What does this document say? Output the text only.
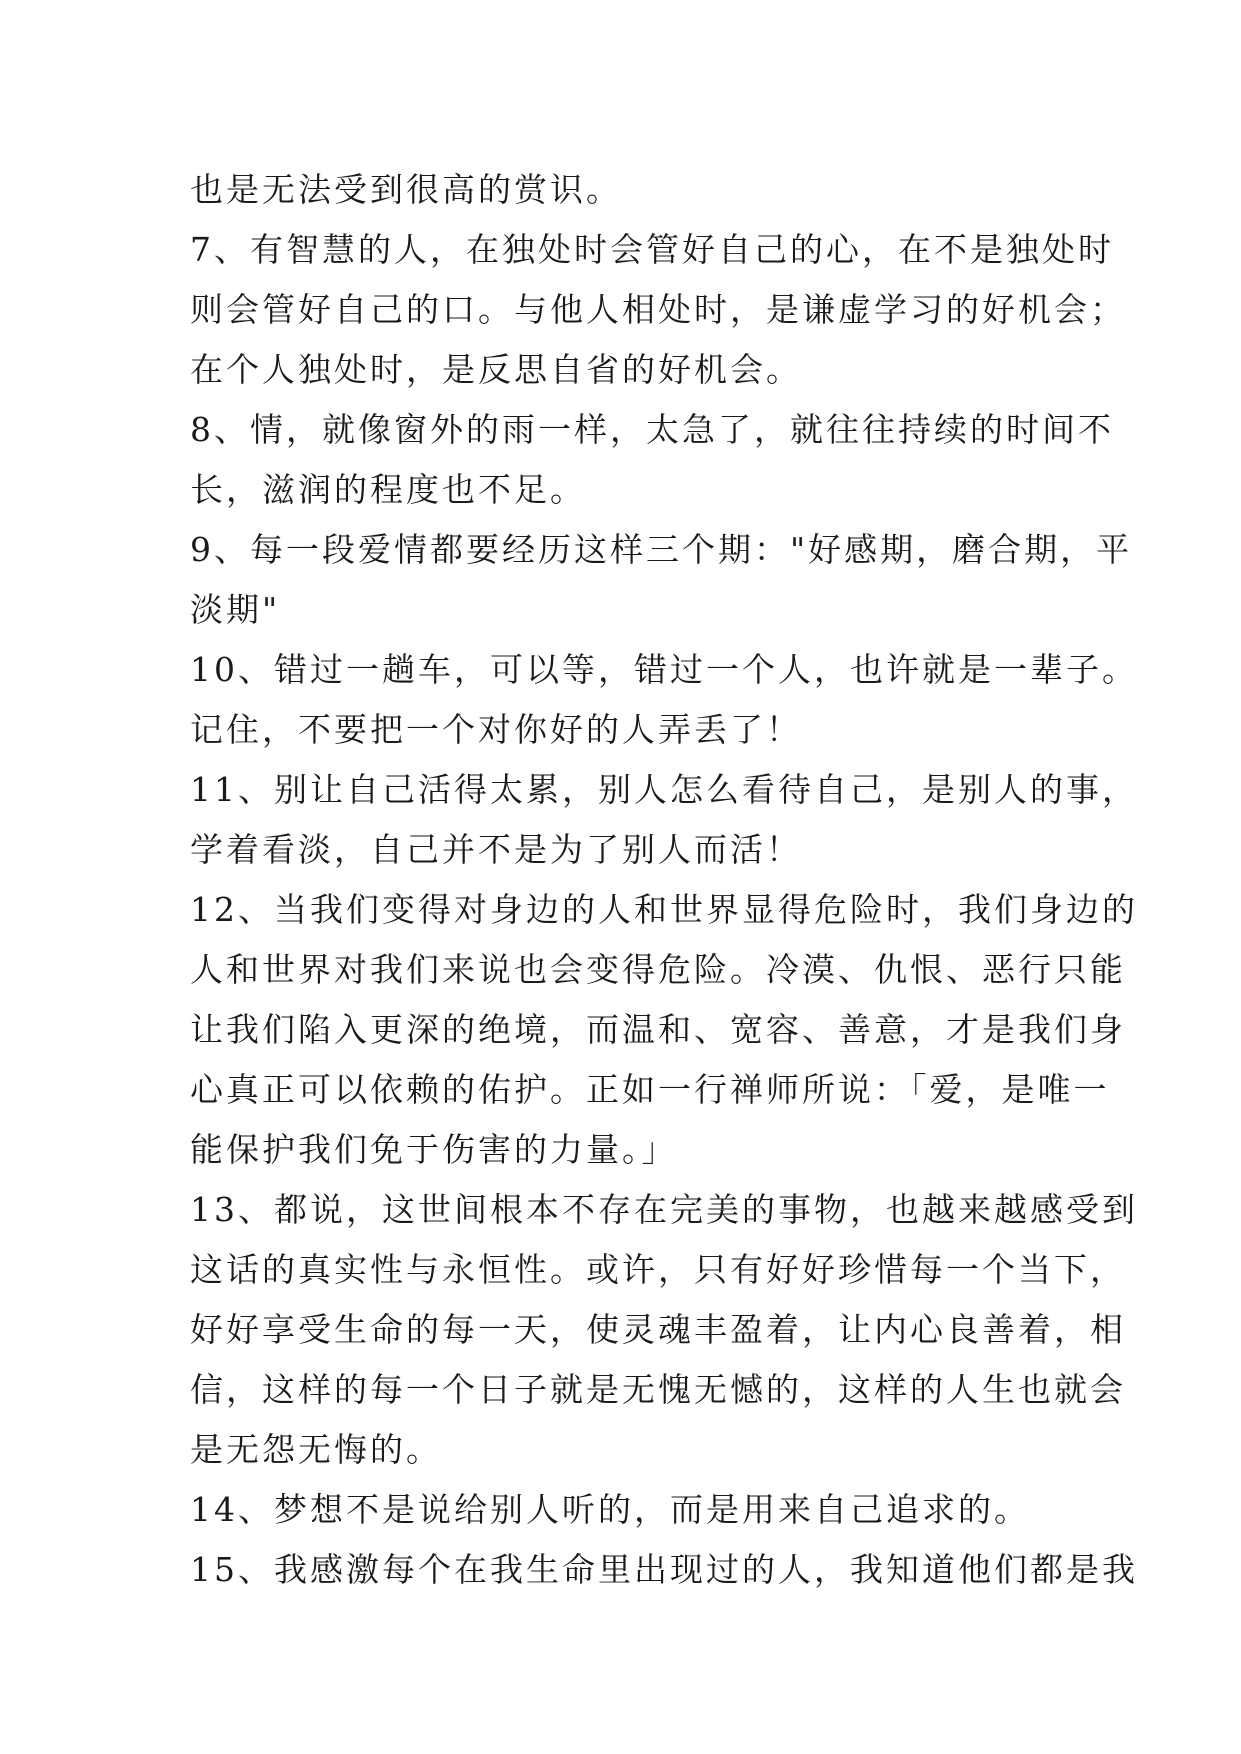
也是无法受到很高的赏识。
7、有智慧的人，在独处时会管好自己的心，在不是独处时
则会管好自己的口。与他人相处时，是谦虚学习的好机会；
在个人独处时，是反思自省的好机会。
8、情，就像窗外的雨一样，太急了，就往往持续的时间不
长，滋润的程度也不足。
9、每一段爱情都要经历这样三个期："好感期，磨合期，平
淡期"
10、错过一趟车，可以等，错过一个人，也许就是一辈子。
记住，不要把一个对你好的人弄丢了！
11、别让自己活得太累，别人怎么看待自己，是别人的事，
学着看淡，自己并不是为了别人而活！
12、当我们变得对身边的人和世界显得危险时，我们身边的
人和世界对我们来说也会变得危险。冷漠、仇恨、恶行只能
让我们陷入更深的绝境，而温和、宽容、善意，才是我们身
心真正可以依赖的佑护。正如一行禅师所说：「爱，是唯一
能保护我们免于伤害的力量。」
13、都说，这世间根本不存在完美的事物，也越来越感受到
这话的真实性与永恒性。或许，只有好好珍惜每一个当下，
好好享受生命的每一天，使灵魂丰盈着，让内心良善着，相
信，这样的每一个日子就是无愧无憾的，这样的人生也就会
是无怨无悔的。
14、梦想不是说给别人听的，而是用来自己追求的。
15、我感激每个在我生命里出现过的人，我知道他们都是我
